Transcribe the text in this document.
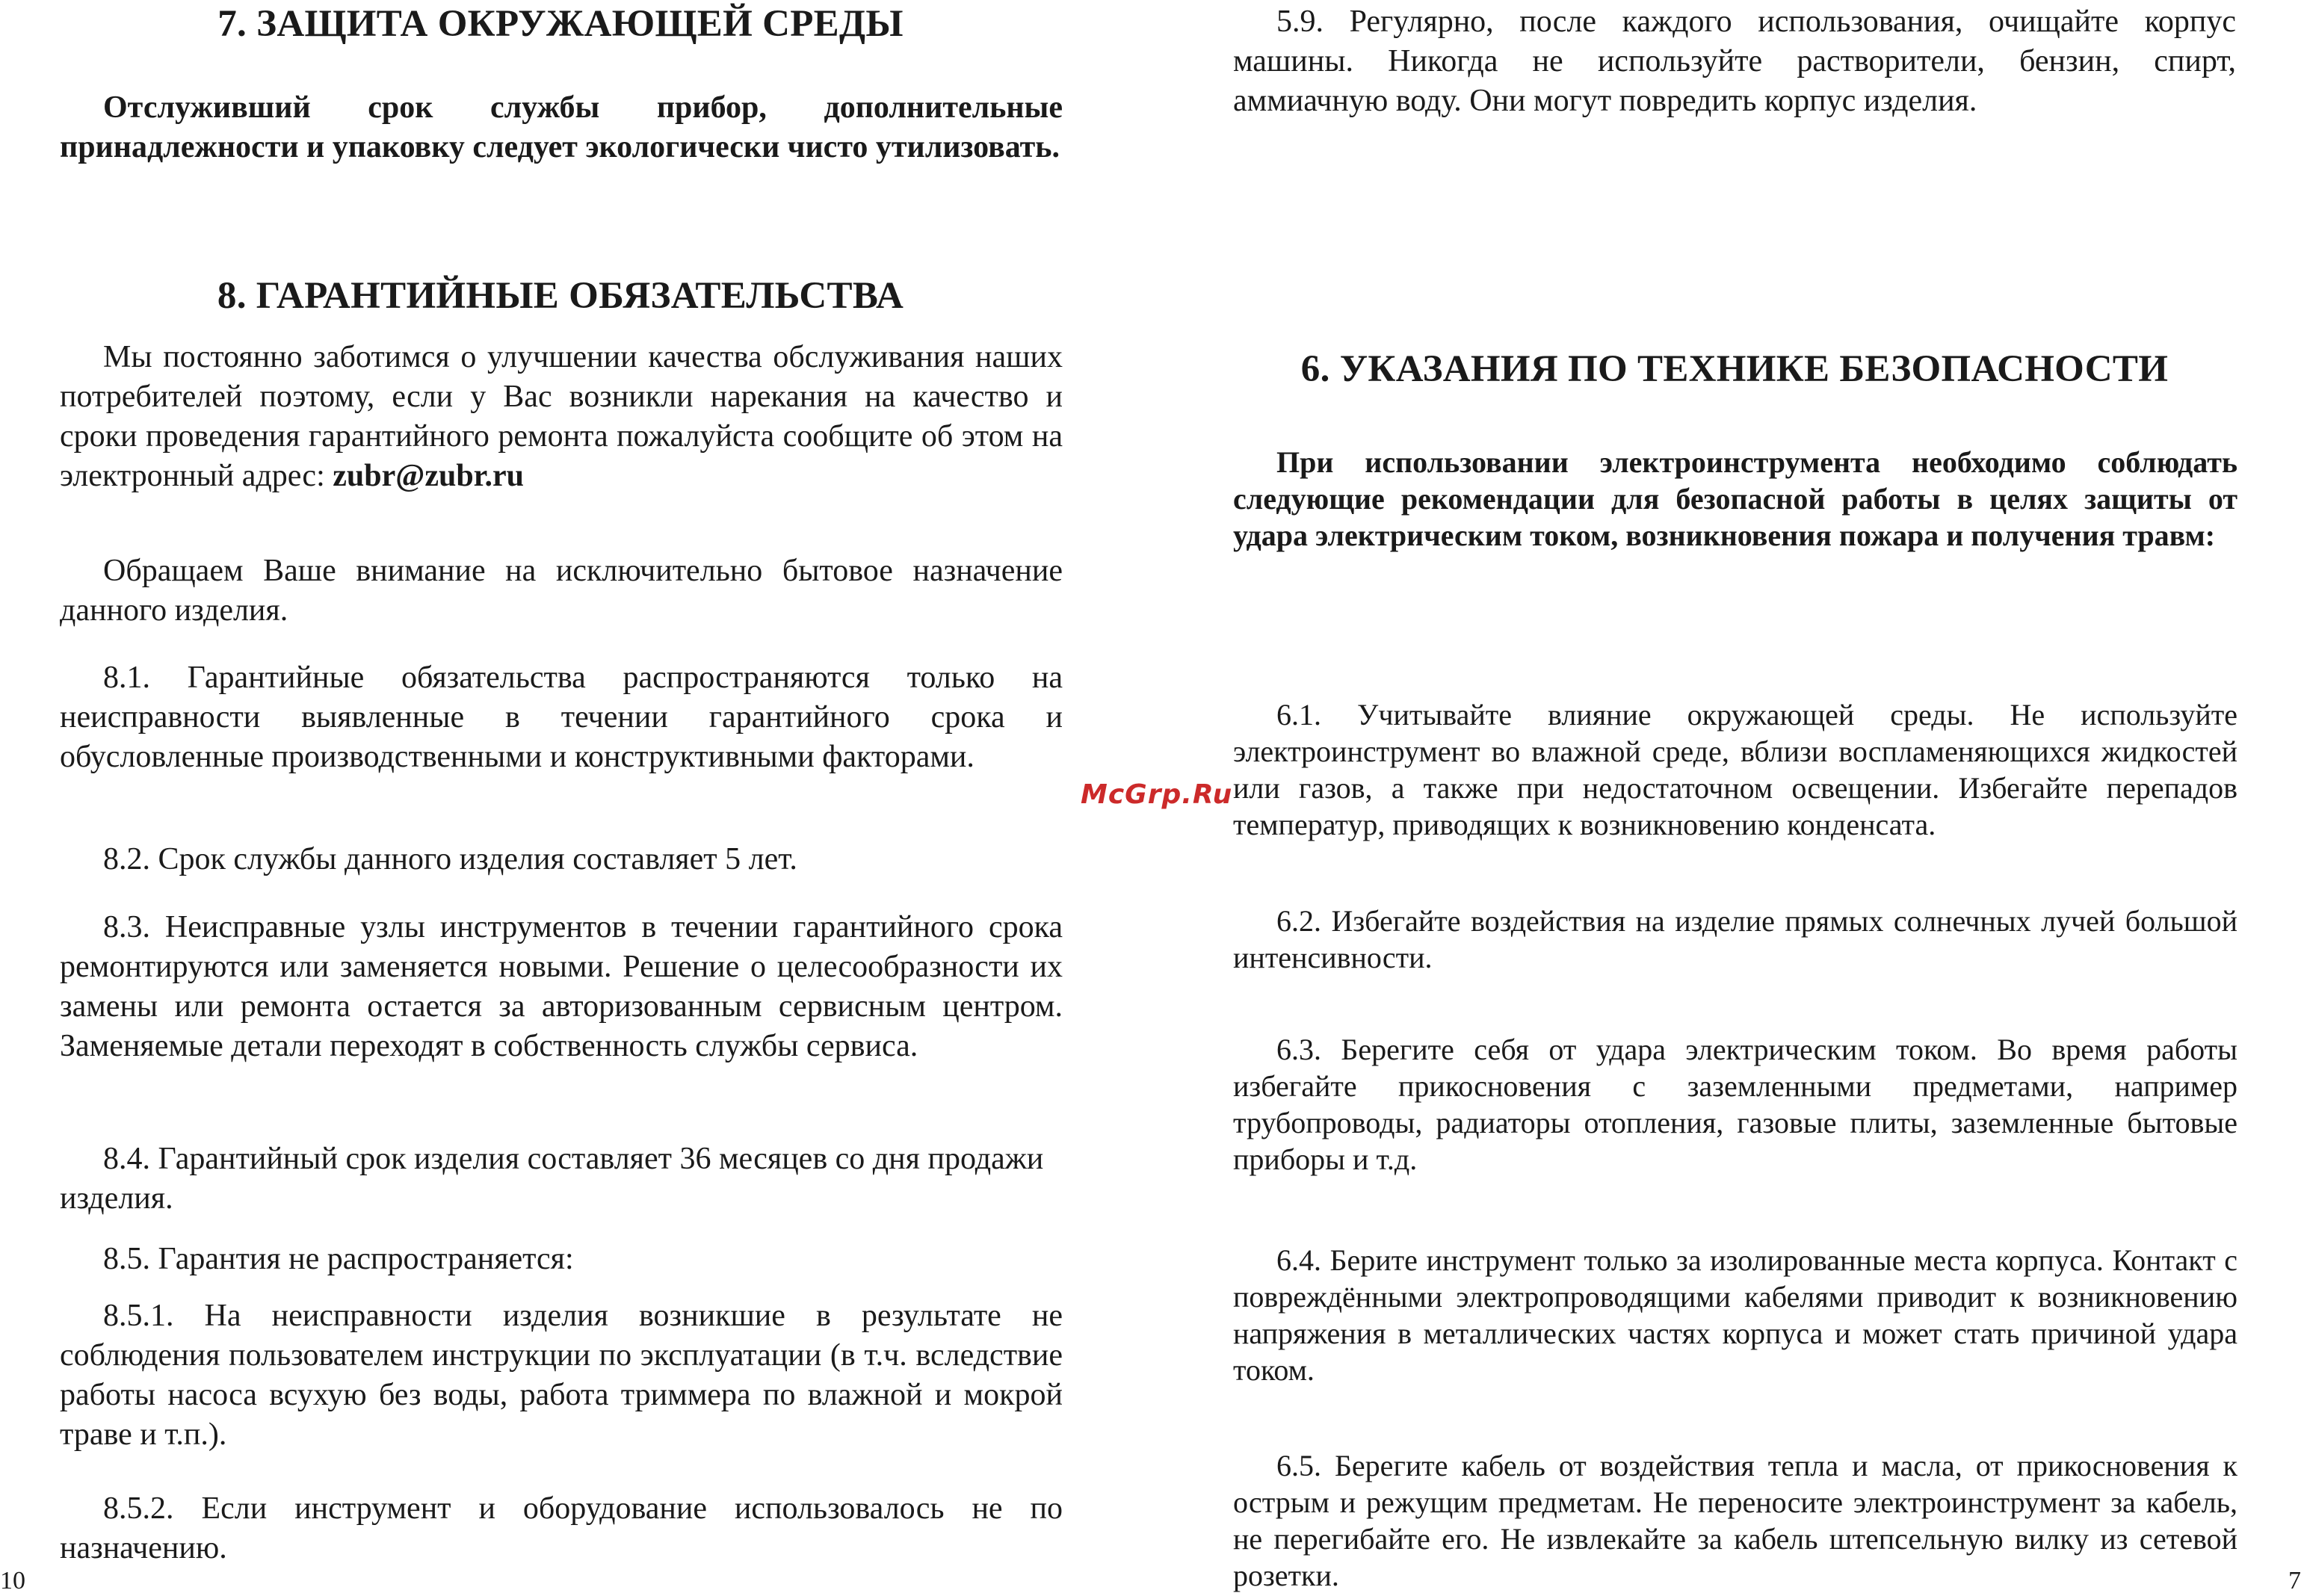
7. ЗАЩИТА ОКРУЖАЮЩЕЙ СРЕДЫ

Отслуживший срок службы прибор, дополнительные принадлежности и упаковку следует экологически чисто утилизовать.

8. ГАРАНТИЙНЫЕ ОБЯЗАТЕЛЬСТВА

Мы постоянно заботимся о улучшении качества обслуживания наших потребителей поэтому, если у Вас возникли нарекания на качество и сроки проведения гарантийного ремонта пожалуйста сообщите об этом на электронный адрес: zubr@zubr.ru

Обращаем Ваше внимание на исключительно бытовое назначение данного изделия.

8.1. Гарантийные обязательства распространяются только на неисправности выявленные в течении гарантийного срока и обусловленные производственными и конструктивными факторами.

8.2. Срок службы данного изделия составляет 5 лет.

8.3. Неисправные узлы инструментов в течении гарантийного срока ремонтируются или заменяется новыми. Решение о целесообразности их замены или ремонта остается за авторизованным сервисным центром. Заменяемые детали переходят в собственность службы сервиса.

8.4. Гарантийный срок изделия составляет 36 месяцев со дня продажи изделия.

8.5. Гарантия не распространяется:

8.5.1. На неисправности изделия возникшие в результате не соблюдения пользователем инструкции по эксплуатации (в т.ч. вследствие работы насоса всухую без воды, работа триммера по влажной и мокрой траве и т.п.).

8.5.2. Если инструмент и оборудование использовалось не по назначению.

10
McGrp.Ru

5.9. Регулярно, после каждого использования, очищайте корпус машины. Никогда не используйте растворители, бензин, спирт, аммиачную воду. Они могут повредить корпус изделия.

6. УКАЗАНИЯ ПО ТЕХНИКЕ БЕЗОПАСНОСТИ

При использовании электроинструмента необходимо соблюдать следующие рекомендации для безопасной работы в целях защиты от удара электрическим током, возникновения пожара и получения травм:

6.1. Учитывайте влияние окружающей среды. Не используйте электроинструмент во влажной среде, вблизи воспламеняющихся жидкостей или газов, а также при недостаточном освещении. Избегайте перепадов температур, приводящих к возникновению конденсата.

6.2. Избегайте воздействия на изделие прямых солнечных лучей большой интенсивности.

6.3. Берегите себя от удара электрическим током. Во время работы избегайте прикосновения с заземленными предметами, например трубопроводы, радиаторы отопления, газовые плиты, заземленные бытовые приборы и т.д.

6.4. Берите инструмент только за изолированные места корпуса. Контакт с повреждёнными электропроводящими кабелями приводит к возникновению напряжения в металлических частях корпуса и может стать причиной удара током.

6.5. Берегите кабель от воздействия тепла и масла, от прикосновения к острым и режущим предметам. Не переносите электроинструмент за кабель, не перегибайте его. Не извлекайте за кабель штепсельную вилку из сетевой розетки.	7
